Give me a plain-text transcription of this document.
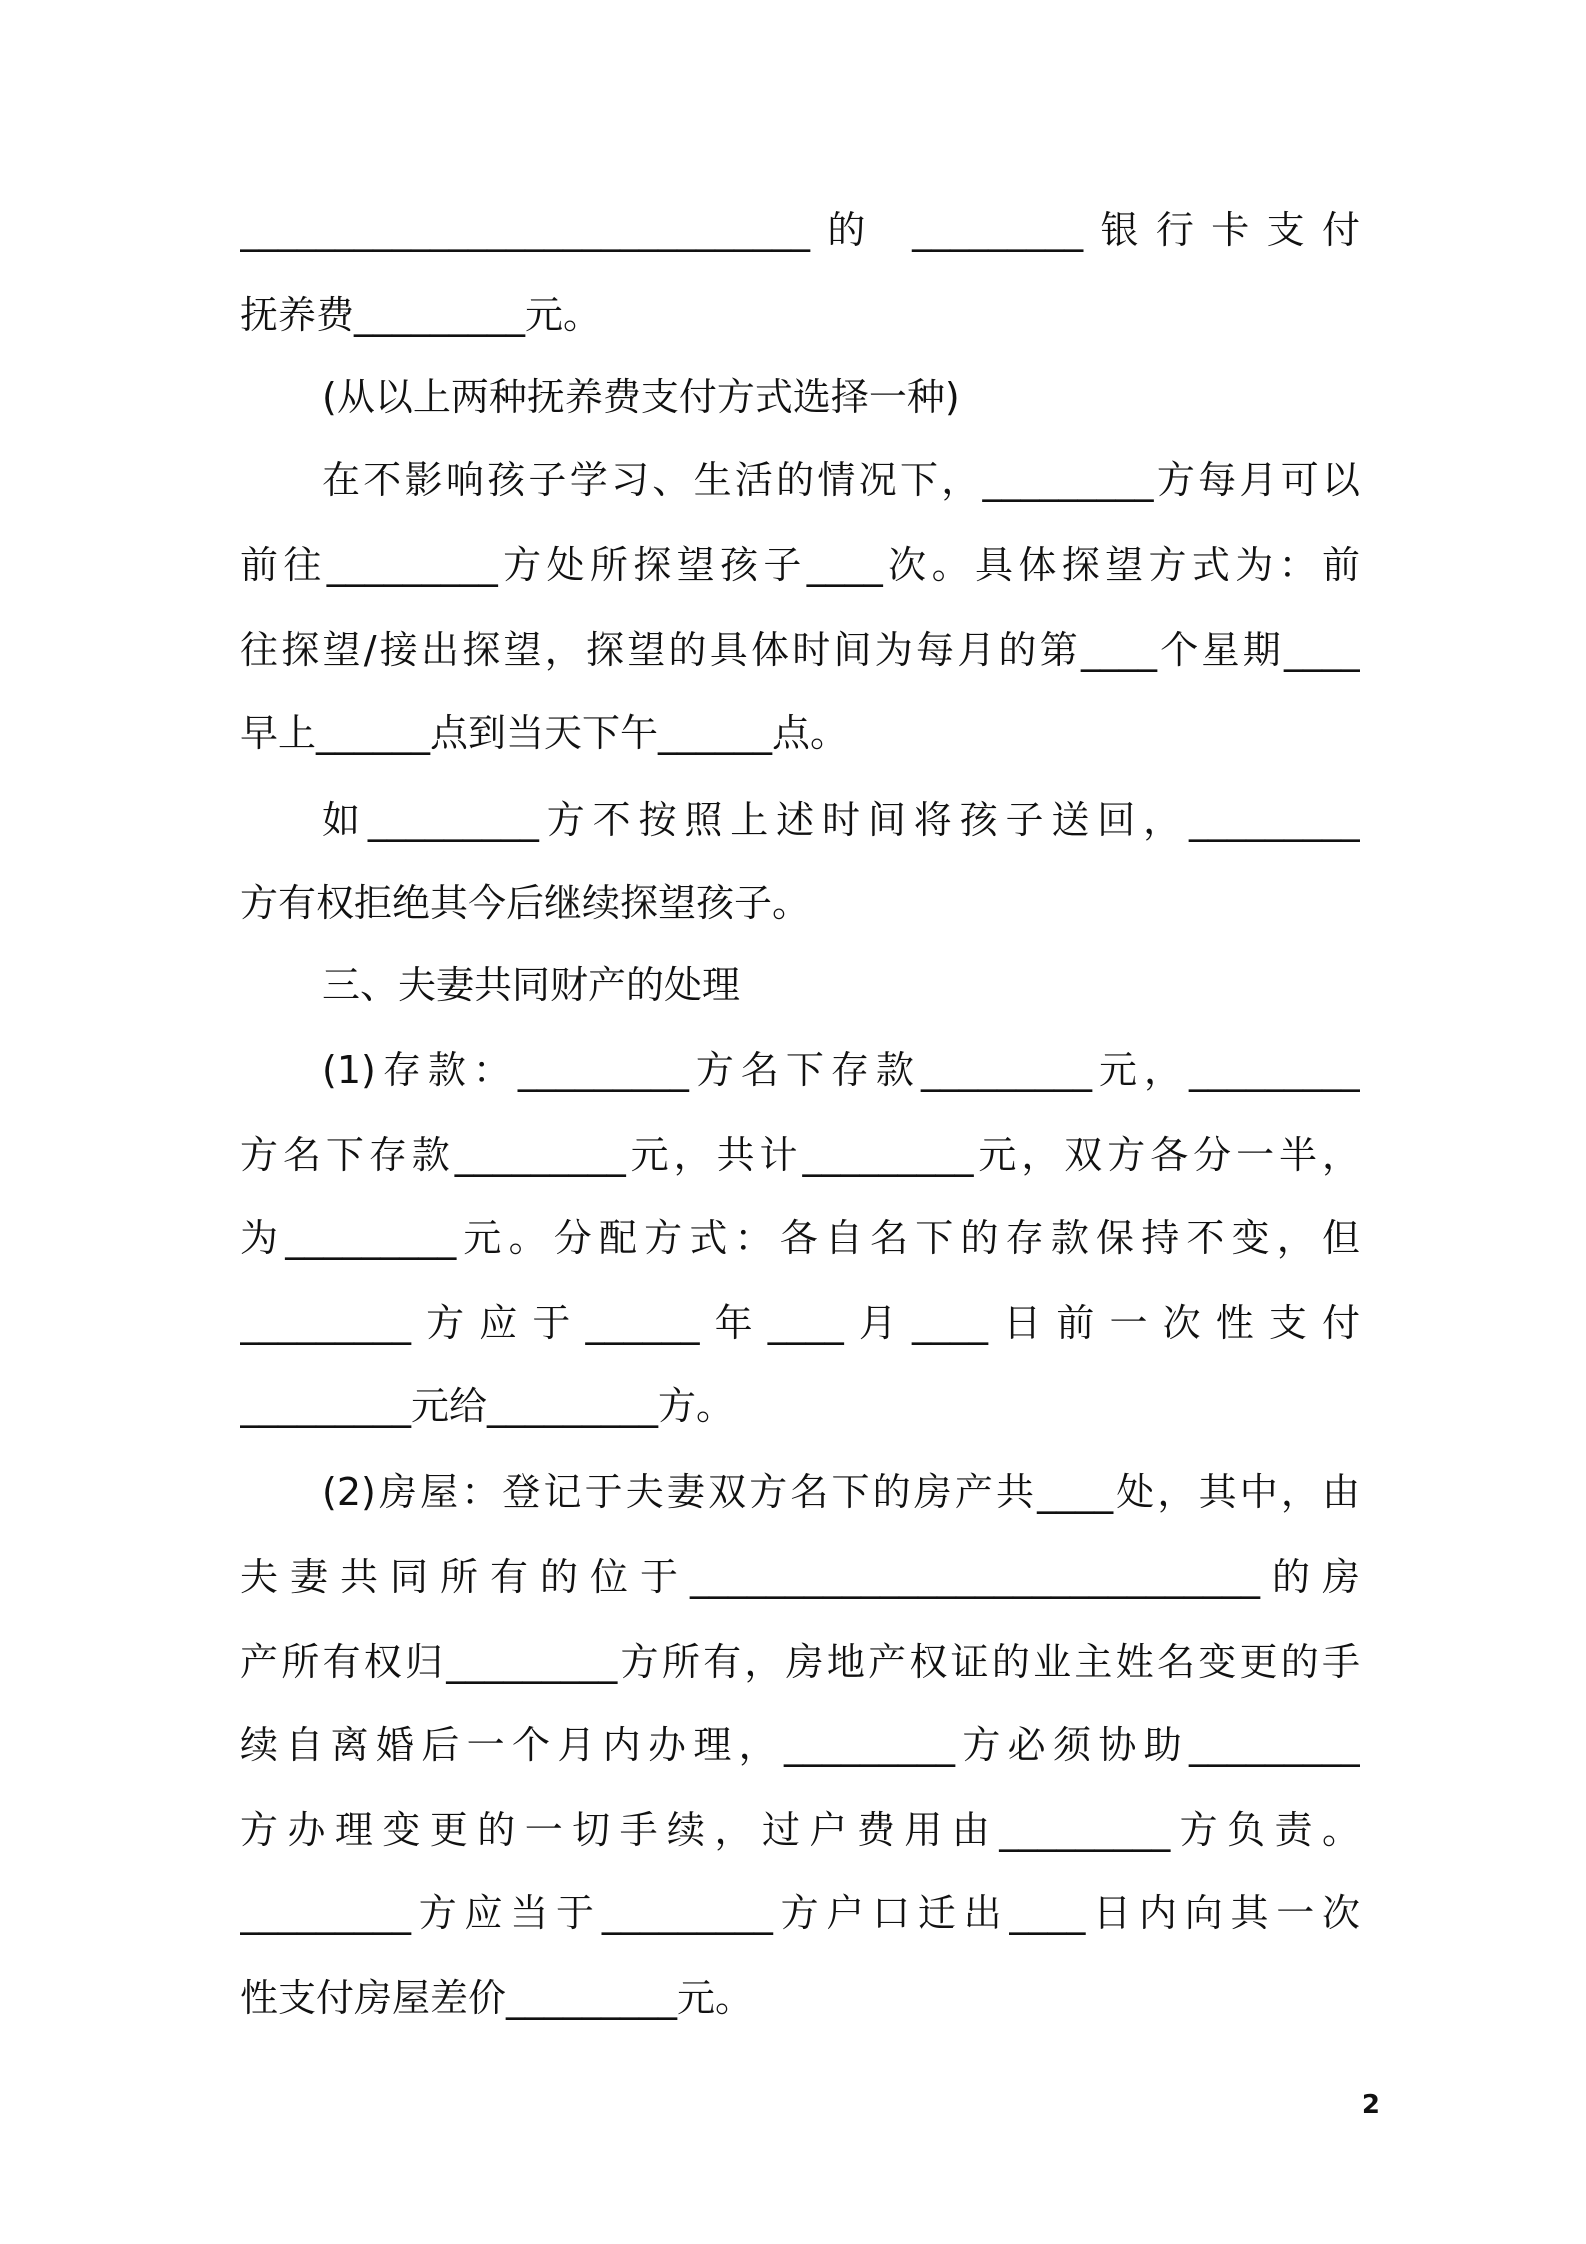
______________________________的 _________银行卡支付
抚养费_________元。
(从以上两种抚养费支付方式选择一种)
在不影响孩子学习、生活的情况下，_________方每月可以
前往_________方处所探望孩子____次。具体探望方式为：前
往探望/接出探望，探望的具体时间为每月的第____个星期____
早上______点到当天下午______点。
如_________方不按照上述时间将孩子送回，_________
方有权拒绝其今后继续探望孩子。
三、夫妻共同财产的处理
(1)存款：_________方名下存款_________元，_________
方名下存款_________元，共计_________元，双方各分一半，
为_________元。分配方式：各自名下的存款保持不变，但
_________方应于______年____月____日前一次性支付
_________元给_________方。
(2)房屋：登记于夫妻双方名下的房产共____处，其中，由
夫妻共同所有的位于______________________________的房
产所有权归_________方所有，房地产权证的业主姓名变更的手
续自离婚后一个月内办理，_________方必须协助_________
方办理变更的一切手续，过户费用由_________方负责。
_________方应当于_________方户口迁出____日内向其一次
性支付房屋差价_________元。
2
